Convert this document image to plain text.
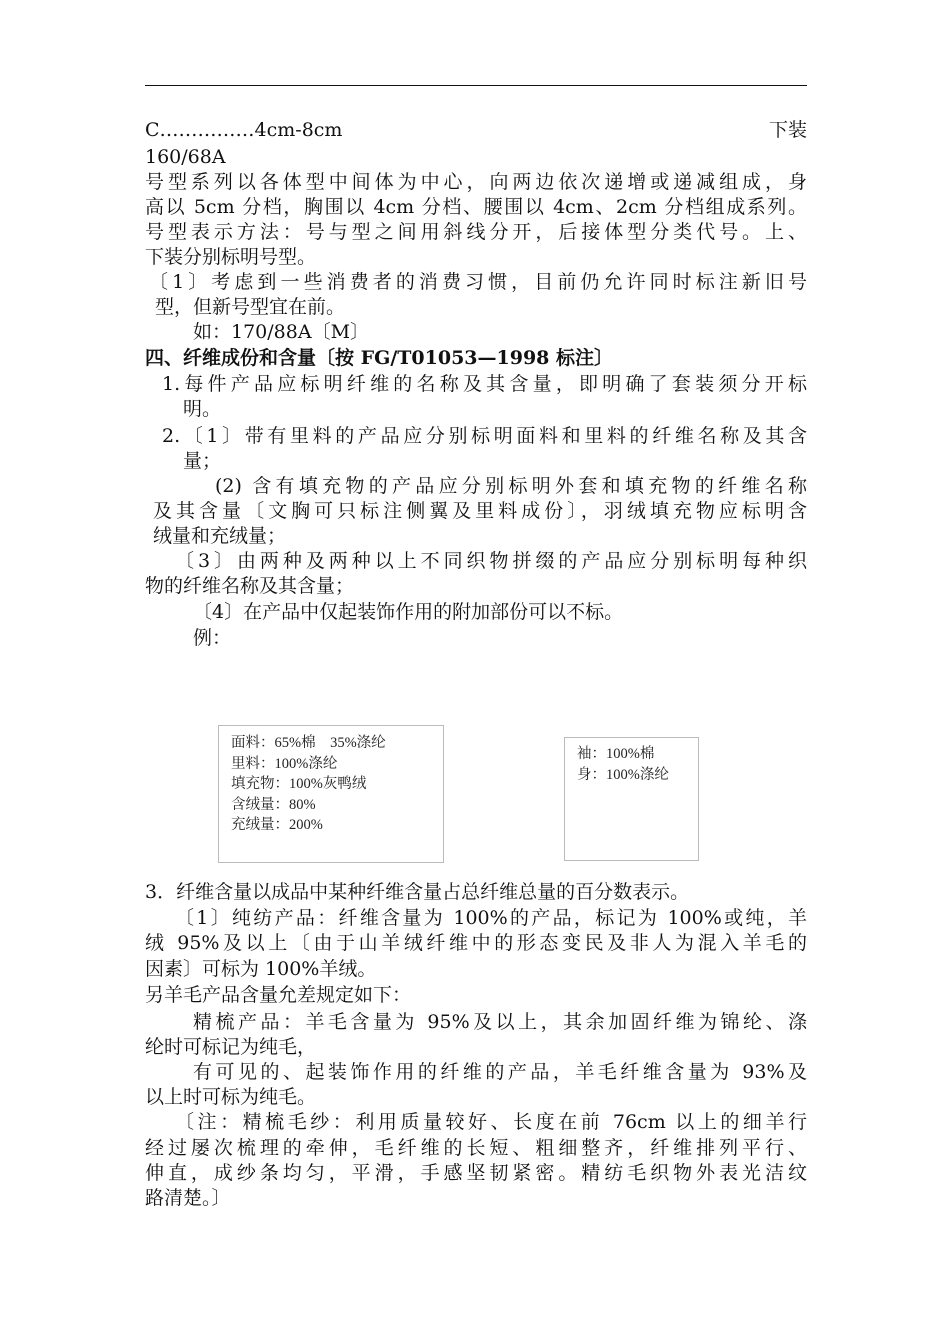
C……………4cm-8cm	下装
160/68A
号型系列以各体型中间体为中心，向两边依次递增或递减组成，身
高以 5cm 分档，胸围以 4cm 分档、腰围以 4cm、2cm 分档组成系列。
号型表示方法：号与型之间用斜线分开，后接体型分类代号。上、
下装分别标明号型。
〔1〕考虑到一些消费者的消费习惯，目前仍允许同时标注新旧号
型，但新号型宜在前。
如：170/88A〔M〕
四、纤维成份和含量〔按 FG/T01053—1998 标注〕
1.每件产品应标明纤维的名称及其含量，即明确了套装须分开标
明。
2.〔1〕带有里料的产品应分别标明面料和里料的纤维名称及其含
量；
(2) 含有填充物的产品应分别标明外套和填充物的纤维名称
及其含量〔文胸可只标注侧翼及里料成份〕，羽绒填充物应标明含
绒量和充绒量；
〔3〕由两种及两种以上不同织物拼缀的产品应分别标明每种织
物的纤维名称及其含量；
〔4〕在产品中仅起装饰作用的附加部份可以不标。
例：
面料：65%棉　35%涤纶
里料：100%涤纶
填充物：100%灰鸭绒
含绒量：80%
充绒量：200%
袖：100%棉
身：100%涤纶
3．纤维含量以成品中某种纤维含量占总纤维总量的百分数表示。
〔1〕纯纺产品：纤维含量为 100%的产品，标记为 100%或纯，羊
绒 95%及以上〔由于山羊绒纤维中的形态变民及非人为混入羊毛的
因素〕可标为 100%羊绒。
另羊毛产品含量允差规定如下：
精梳产品：羊毛含量为 95%及以上，其余加固纤维为锦纶、涤
纶时可标记为纯毛，
有可见的、起装饰作用的纤维的产品，羊毛纤维含量为 93%及
以上时可标为纯毛。
〔注：精梳毛纱：利用质量较好、长度在前 76cm 以上的细羊行
经过屡次梳理的牵伸，毛纤维的长短、粗细整齐，纤维排列平行、
伸直，成纱条均匀，平滑，手感坚韧紧密。精纺毛织物外表光洁纹
路清楚。〕
